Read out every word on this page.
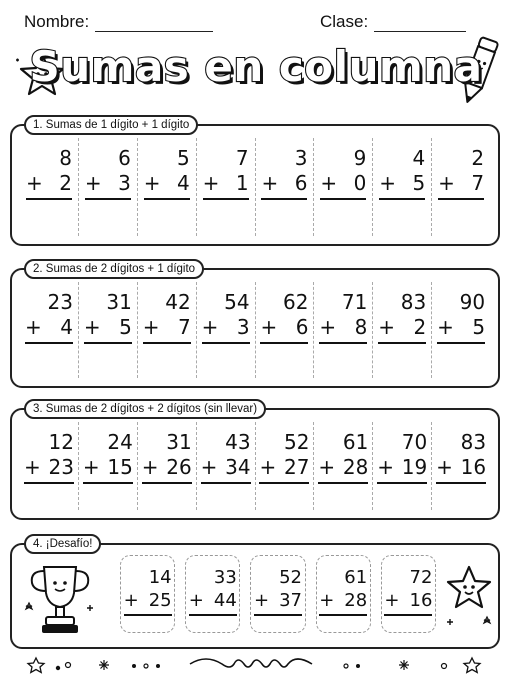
Nombre:	Clase:
Sumas en columna
1. Sumas de 1 dígito + 1 dígito
8
+ 2
6
+ 3
5
+ 4
7
+ 1
3
+ 6
9
+ 0
4
+ 5
2
+ 7
2. Sumas de 2 dígitos + 1 dígito
23
+ 4
31
+ 5
42
+ 7
54
+ 3
62
+ 6
71
+ 8
83
+ 2
90
+ 5
3. Sumas de 2 dígitos + 2 dígitos (sin llevar)
12
+ 23
24
+ 15
31
+ 26
43
+ 34
52
+ 27
61
+ 28
70
+ 19
83
+ 16
4. ¡Desafío!
14
+ 25
33
+ 44
52
+ 37
61
+ 28
72
+ 16
